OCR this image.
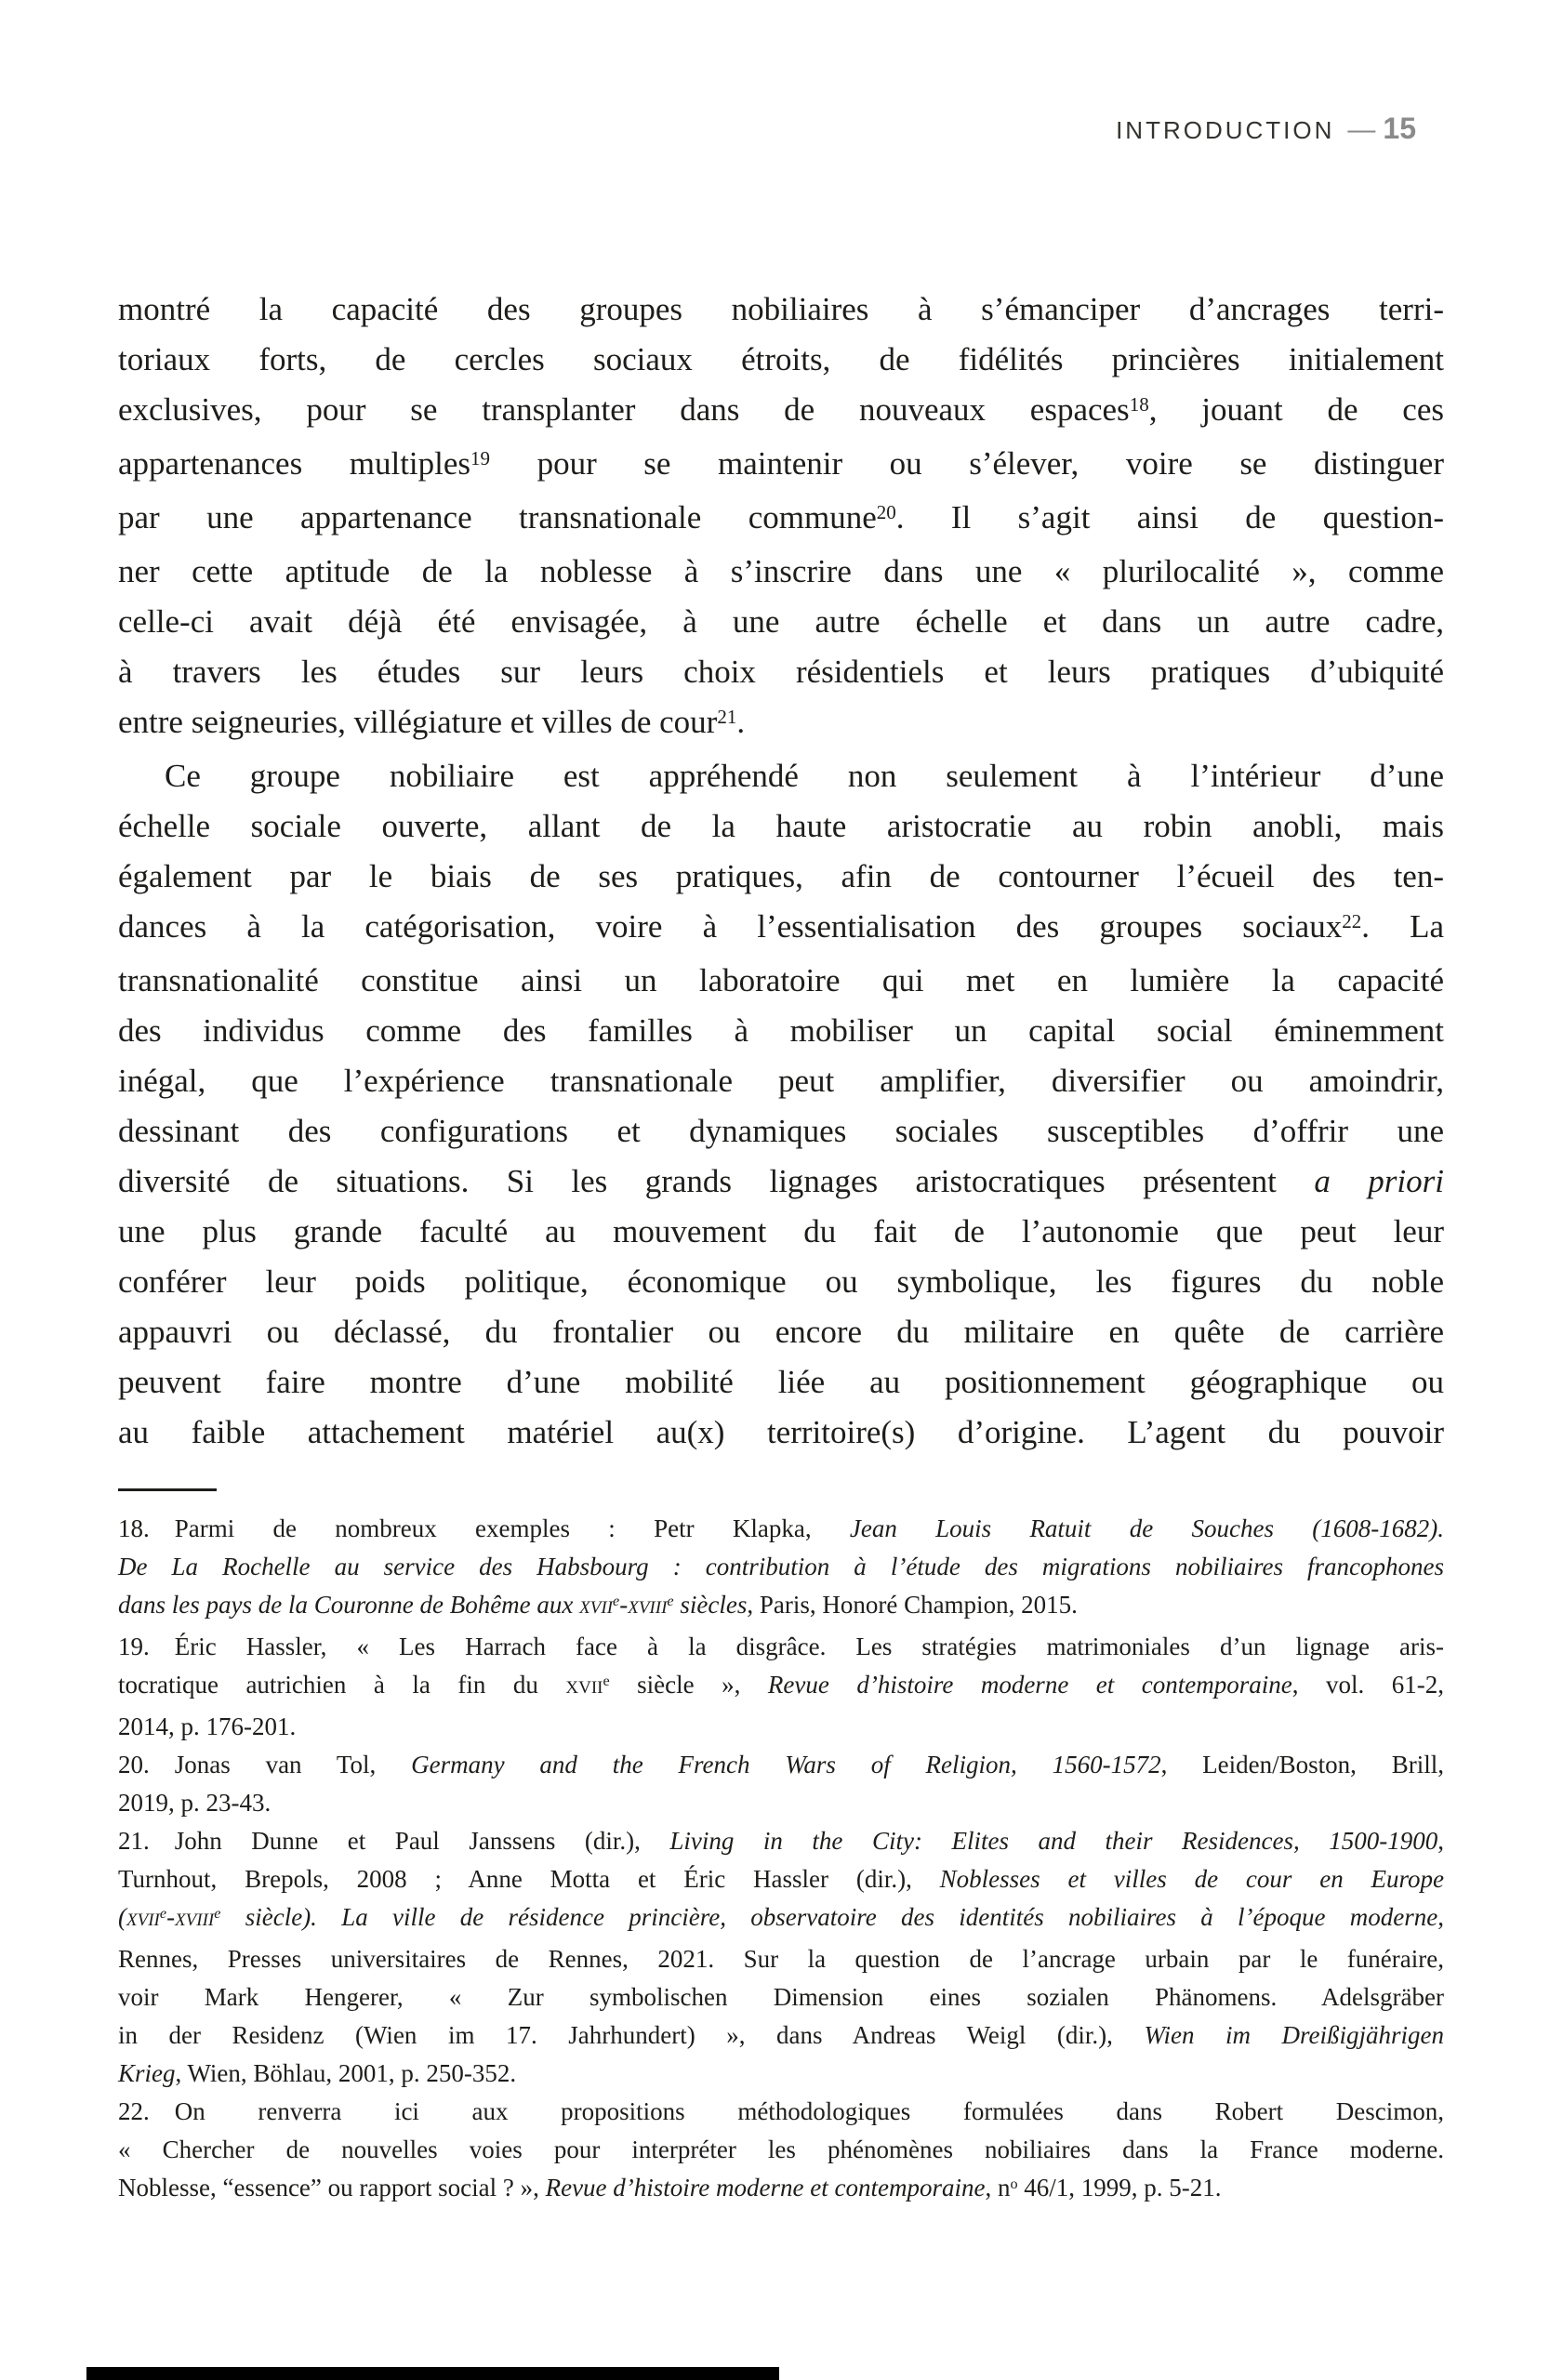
INTRODUCTION — 15
montré la capacité des groupes nobiliaires à s’émanciper d’ancrages terri-
toriaux forts, de cercles sociaux étroits, de fidélités princières initialement
exclusives, pour se transplanter dans de nouveaux espaces$^{18}$, jouant de ces
appartenances multiples$^{19}$ pour se maintenir ou s’élever, voire se distinguer
par une appartenance transnationale commune$^{20}$. Il s’agit ainsi de question-
ner cette aptitude de la noblesse à s’inscrire dans une « plurilocalité », comme
celle-ci avait déjà été envisagée, à une autre échelle et dans un autre cadre,
à travers les études sur leurs choix résidentiels et leurs pratiques d’ubiquité
entre seigneuries, villégiature et villes de cour$^{21}$.
Ce groupe nobiliaire est appréhendé non seulement à l’intérieur d’une
échelle sociale ouverte, allant de la haute aristocratie au robin anobli, mais
également par le biais de ses pratiques, afin de contourner l’écueil des ten-
dances à la catégorisation, voire à l’essentialisation des groupes sociaux$^{22}$. La
transnationalité constitue ainsi un laboratoire qui met en lumière la capacité
des individus comme des familles à mobiliser un capital social éminemment
inégal, que l’expérience transnationale peut amplifier, diversifier ou amoindrir,
dessinant des configurations et dynamiques sociales susceptibles d’offrir une
diversité de situations. Si les grands lignages aristocratiques présentent a priori
une plus grande faculté au mouvement du fait de l’autonomie que peut leur
conférer leur poids politique, économique ou symbolique, les figures du noble
appauvri ou déclassé, du frontalier ou encore du militaire en quête de carrière
peuvent faire montre d’une mobilité liée au positionnement géographique ou
au faible attachement matériel au(x) territoire(s) d’origine. L’agent du pouvoir
18.  Parmi de nombreux exemples : Petr Klapka, Jean Louis Ratuit de Souches (1608-1682).
De La Rochelle au service des Habsbourg : contribution à l’étude des migrations nobiliaires francophones
dans les pays de la Couronne de Bohême aux xvii$^e$-xviii$^e$ siècles, Paris, Honoré Champion, 2015.
19.  Éric Hassler, « Les Harrach face à la disgrâce. Les stratégies matrimoniales d’un lignage aris-
tocratique autrichien à la fin du xvii$^e$ siècle », Revue d’histoire moderne et contemporaine, vol. 61-2,
2014, p. 176-201.
20.  Jonas van Tol, Germany and the French Wars of Religion, 1560-1572, Leiden/Boston, Brill,
2019, p. 23-43.
21.  John Dunne et Paul Janssens (dir.), Living in the City: Elites and their Residences, 1500-1900,
Turnhout, Brepols, 2008 ; Anne Motta et Éric Hassler (dir.), Noblesses et villes de cour en Europe
(xvii$^e$-xviii$^e$ siècle). La ville de résidence princière, observatoire des identités nobiliaires à l’époque moderne,
Rennes, Presses universitaires de Rennes, 2021. Sur la question de l’ancrage urbain par le funéraire,
voir Mark Hengerer, « Zur symbolischen Dimension eines sozialen Phänomens. Adelsgräber
in der Residenz (Wien im 17. Jahrhundert) », dans Andreas Weigl (dir.), Wien im Dreißigjährigen
Krieg, Wien, Böhlau, 2001, p. 250-352.
22.  On renverra ici aux propositions méthodologiques formulées dans Robert Descimon,
« Chercher de nouvelles voies pour interpréter les phénomènes nobiliaires dans la France moderne.
Noblesse, “essence” ou rapport social ? », Revue d’histoire moderne et contemporaine, $n^o$ 46/1, 1999, p. 5-21.
